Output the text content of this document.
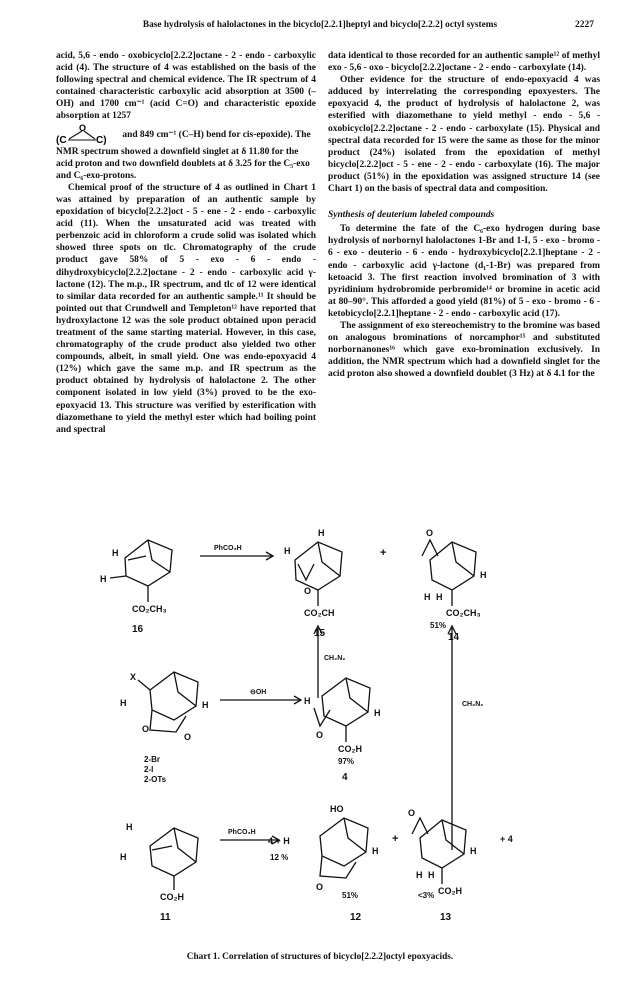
Base hydrolysis of halolactones in the bicyclo[2.2.1]heptyl and bicyclo[2.2.2] octyl systems	2227

acid, 5,6 - endo - oxobicyclo[2.2.2]octane - 2 - endo - carboxylic acid (4). The structure of 4 was established on the basis of the following spectral and chemical evidence. The IR spectrum of 4 contained characteristic carboxylic acid absorption at 3500 (–OH) and 1700 cm⁻¹ (acid C=O) and characteristic epoxide absorption at 1257

(C
O
C) and 849 cm⁻¹ (C–H) bend for cis-epoxide). The NMR spectrum showed a downfield singlet at δ 11.80 for the acid proton and two downfield doublets at δ 3.25 for the C₅-exo and C₆-exo-protons.

Chemical proof of the structure of 4 as outlined in Chart 1 was attained by preparation of an authentic sample by epoxidation of bicyclo[2.2.2]oct - 5 - ene - 2 - endo - carboxylic acid (11). When the unsaturated acid was treated with perbenzoic acid in chloroform a crude solid was isolated which showed three spots on tlc. Chromatography of the crude product gave 58% of 5 - exo - 6 - endo - dihydroxybicyclo[2.2.2]octane - 2 - endo - carboxylic acid γ-lactone (12). The m.p., IR spectrum, and tlc of 12 were identical to similar data recorded for an authentic sample.¹¹ It should be pointed out that Crundwell and Templeton¹² have reported that hydroxylactone 12 was the sole product obtained upon peracid treatment of the same starting material. However, in this case, chromatography of the crude product also yielded two other compounds, albeit, in small yield. One was endo-epoxyacid 4 (12%) which gave the same m.p. and IR spectrum as the product obtained by hydrolysis of halolactone 2. The other component isolated in low yield (3%) proved to be the exo-epoxyacid 13. This structure was verified by esterification with diazomethane to yield the methyl ester which had boiling point and spectral

data identical to those recorded for an authentic sample¹² of methyl exo - 5,6 - oxo - bicyclo[2.2.2]octane - 2 - endo - carboxylate (14).

Other evidence for the structure of endo-epoxyacid 4 was adduced by interrelating the corresponding epoxyesters. The epoxyacid 4, the product of hydrolysis of halolactone 2, was esterified with diazomethane to yield methyl - endo - 5,6 - oxobicyclo[2.2.2]octane - 2 - endo - carboxylate (15). Physical and spectral data recorded for 15 were the same as those for the minor product (24%) isolated from the epoxidation of methyl bicyclo[2.2.2]oct - 5 - ene - 2 - endo - carboxylate (16). The major product (51%) in the epoxidation was assigned structure 14 (see Chart 1) on the basis of spectral data and composition.

Synthesis of deuterium labeled compounds

To determine the fate of the C₆-exo hydrogen during base hydrolysis of norbornyl halolactones 1-Br and 1-I, 5 - exo - bromo - 6 - exo - deuterio - 6 - endo - hydroxybicyclo[2.2.1]heptane - 2 - endo - carboxylic acid γ-lactone (d₁-1-Br) was prepared from ketoacid 3. The first reaction involved bromination of 3 with pyridinium hydrobromide perbromide¹⁴ or bromine in acetic acid at 80–90°. This afforded a good yield (81%) of 5 - exo - bromo - 6 - ketobicyclo[2.2.1]heptane - 2 - endo - carboxylic acid (17).

The assignment of exo stereochemistry to the bromine was based on analogous brominations of norcamphor¹⁵ and substituted norbornanones¹⁶ which gave exo-bromination exclusively. In addition, the NMR spectrum which had a downfield singlet for the acid proton also showed a downfield doublet (3 Hz) at δ 4.1 for the

H
H
CO₂CH₃
16
PhCO₃H	H
H
O
CO₂CH
15
CH₂N₂
+
O
H
H H
CO₂CH₃
51%
14
X
H	H
O
O
2-Br
2-I
2-OTs
⊖OH
H
H
O
CO₂H
97%
4
CH₂N₂
H
H
CO₂H
11
PhCO₃H
4 + H
12 %
HO
H
O
51%
12
+
O
H
H H
CO₂H
+ 4
<3%
13
Chart 1. Correlation of structures of bicyclo[2.2.2]octyl epoxyacids.
